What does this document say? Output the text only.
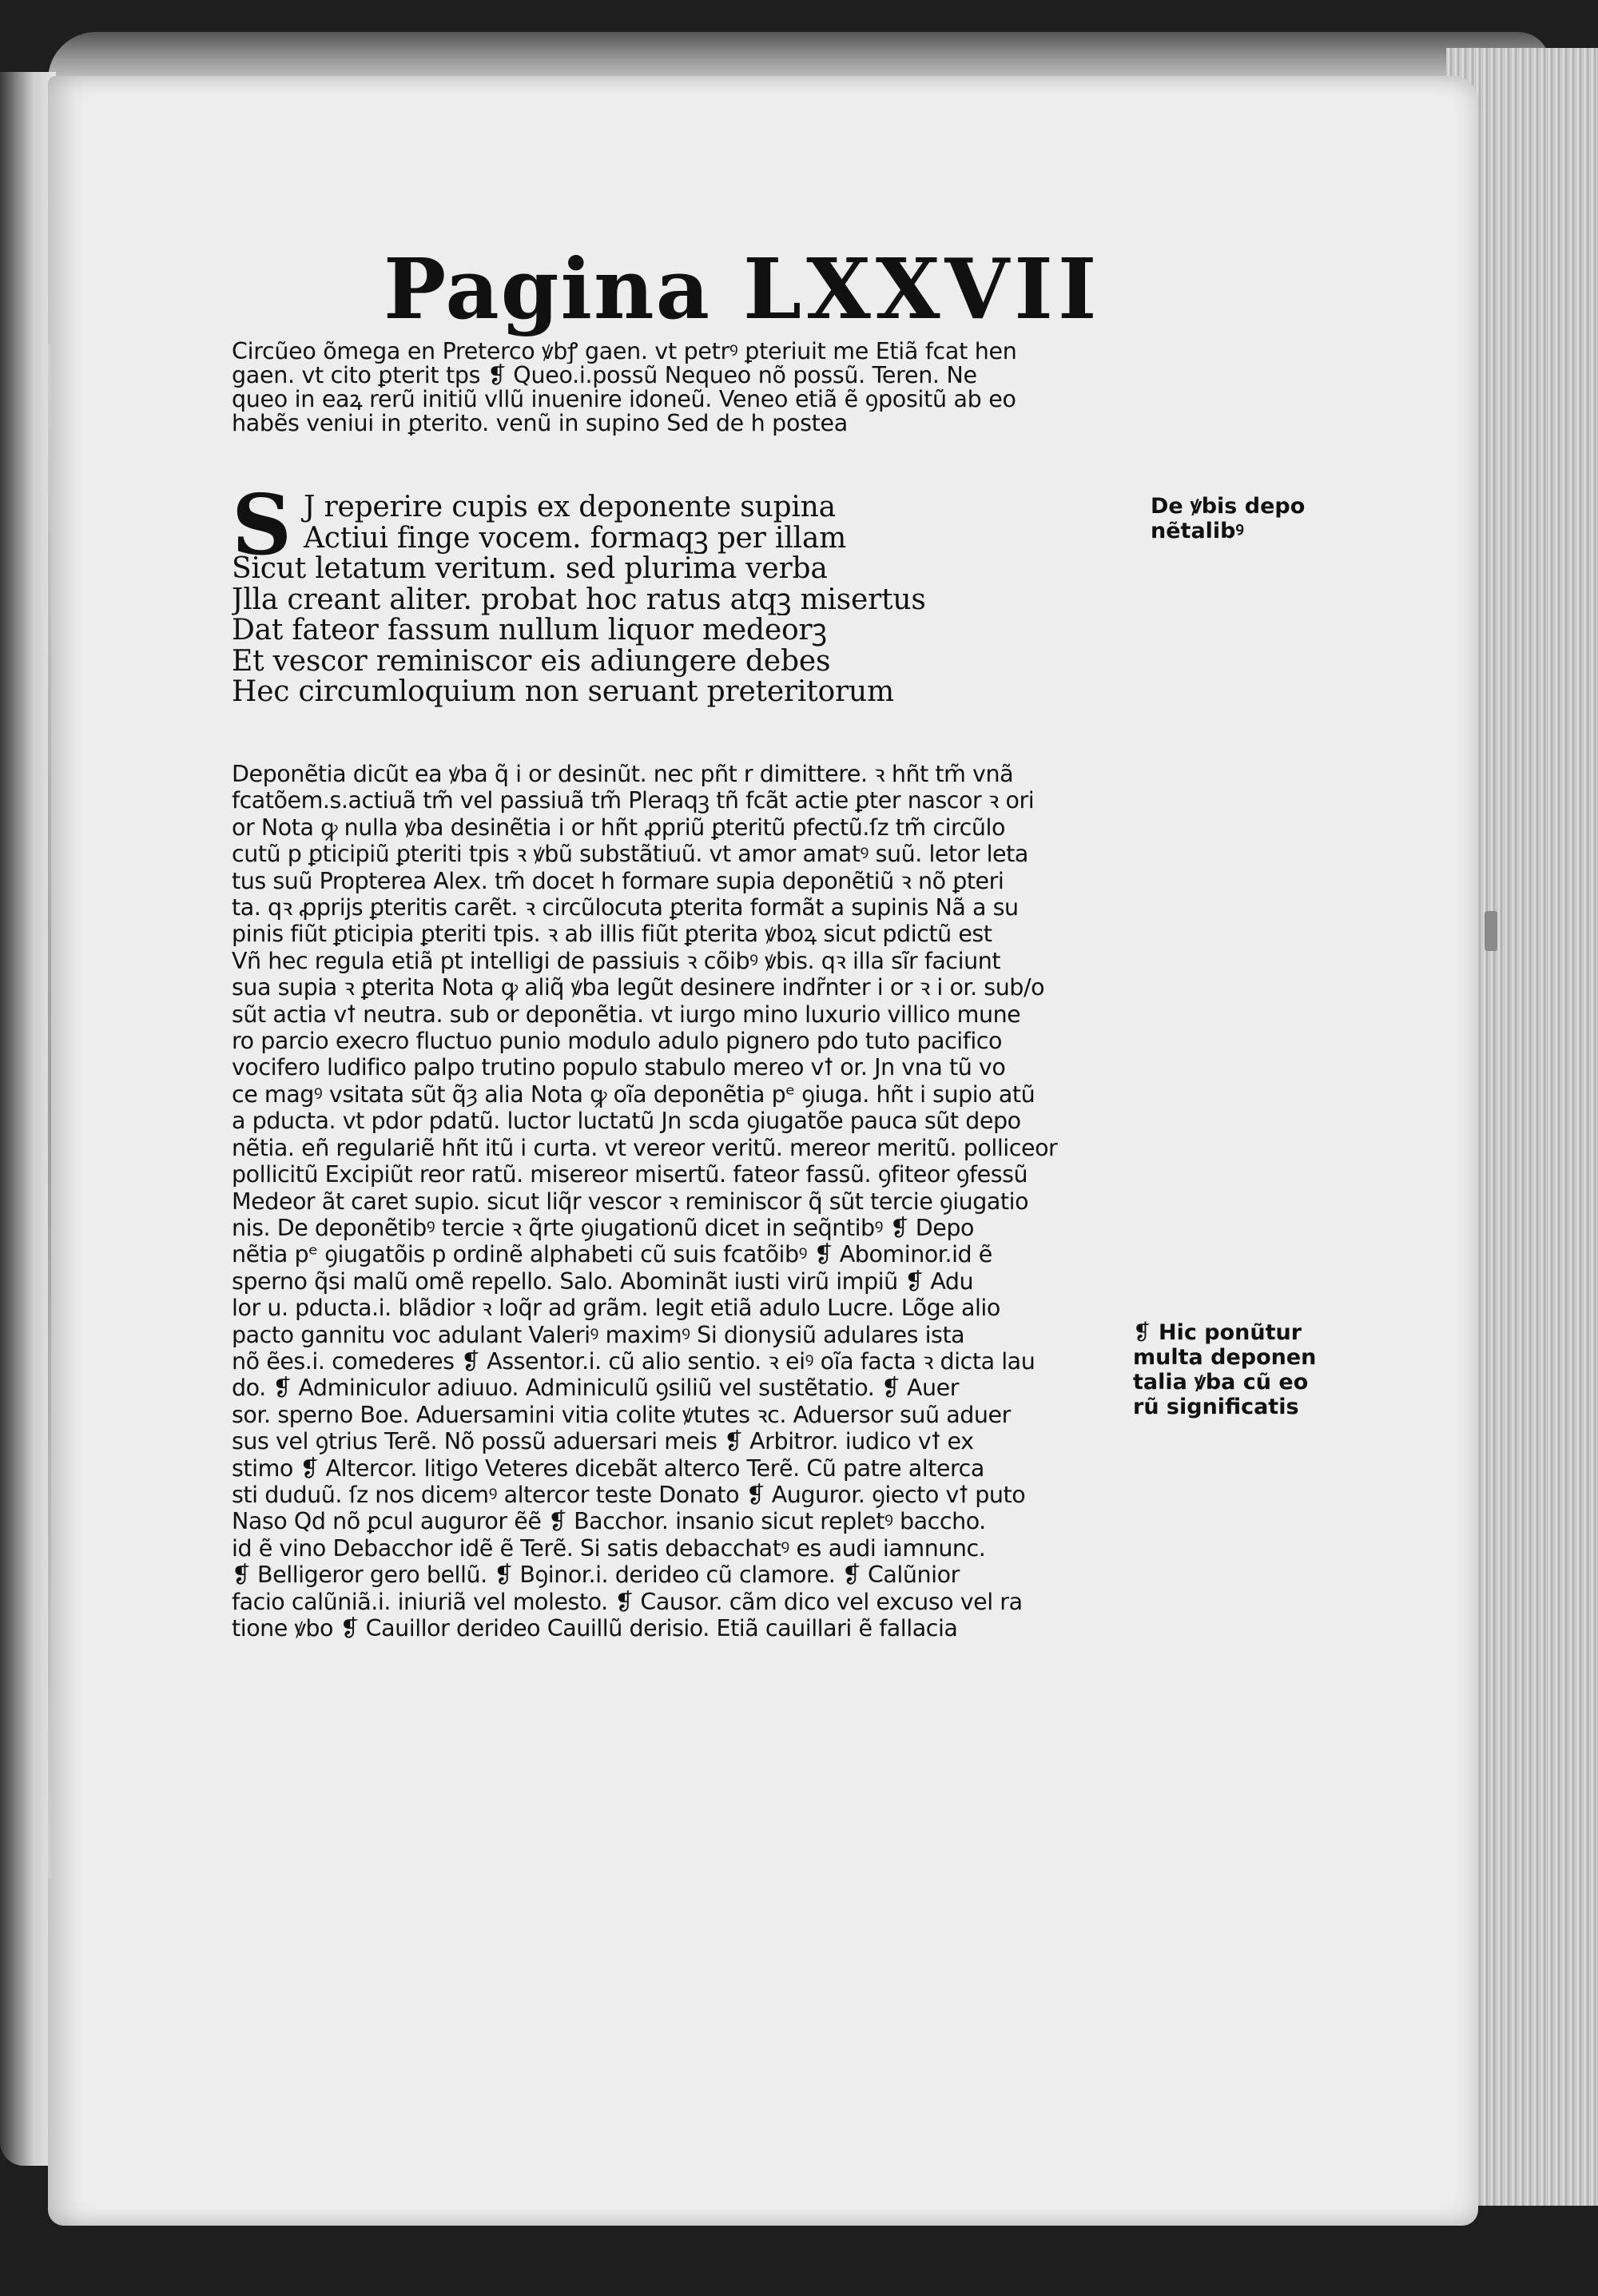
Pagina LXXVII

Circũeo õmega en Preterco ꝟbꝭ gaen. vt petrꝰ ꝑteriuit me Etiã fcat hen
gaen. vt cito ꝑterit tps ❡ Queo.i.possũ Nequeo nõ possũ. Teren. Ne
queo in eaꝝ rerũ initiũ vllũ inuenire idoneũ. Veneo etiã ẽ ꝯpositũ ab eo
habẽs veniui in ꝑterito. venũ in supino Sed de h postea

S J reperire cupis ex deponente supina
Actiui finge vocem. formaqꝫ per illam
Sicut letatum veritum. sed plurima verba
Jlla creant aliter. probat hoc ratus atqꝫ misertus
Dat fateor fassum nullum liquor medeorꝫ
Et vescor reminiscor eis adiungere debes
Hec circumloquium non seruant preteritorum

Deponẽtia dicũt ea ꝟba q̃ i or desinũt. nec pñt r dimittere. ꝛ hñt tm̃ vnã
fcatõem.s.actiuã tm̃ vel passiuã tm̃ Pleraqꝫ tñ fcãt actie ꝑter nascor ꝛ ori
or Nota ꝙ nulla ꝟba desinẽtia i or hñt ꝓpriũ ꝑteritũ pfectũ.ſz tm̃ circũlo
cutũ p ꝑticipiũ ꝑteriti tpis ꝛ ꝟbũ substãtiuũ. vt amor amatꝰ suũ. letor leta
tus suũ Propterea Alex. tm̃ docet h formare supia deponẽtiũ ꝛ nõ ꝑteri
ta. qꝛ ꝓprijs ꝑteritis carẽt. ꝛ circũlocuta ꝑterita formãt a supinis Nã a su
pinis fiũt ꝑticipia ꝑteriti tpis. ꝛ ab illis fiũt ꝑterita ꝟboꝝ sicut pdictũ est
Vñ hec regula etiã pt intelligi de passiuis ꝛ cõibꝰ ꝟbis. qꝛ illa sĩr faciunt
sua supia ꝛ ꝑterita Nota ꝙ aliq̃ ꝟba legũt desinere indr̃nter i or ꝛ i or. sub/o
sũt actia vꝉ neutra. sub or deponẽtia. vt iurgo mino luxurio villico mune
ro parcio execro fluctuo punio modulo adulo pignero pdo tuto pacifico
vocifero ludifico palpo trutino populo stabulo mereo vꝉ or. Jn vna tũ vo
ce magꝰ vsitata sũt q̃ȝ alia Nota ꝙ oĩa deponẽtia pᵉ ꝯiuga. hñt i supio atũ
a pducta. vt pdor pdatũ. luctor luctatũ Jn scda ꝯiugatõe pauca sũt depo
nẽtia. eñ regulariẽ hñt itũ i curta. vt vereor veritũ. mereor meritũ. polliceor
pollicitũ Excipiũt reor ratũ. misereor misertũ. fateor fassũ. ꝯfiteor ꝯfessũ
Medeor ãt caret supio. sicut liq̃r vescor ꝛ reminiscor q̃ sũt tercie ꝯiugatio
nis. De deponẽtibꝰ tercie ꝛ q̃rte ꝯiugationũ dicet in seq̃ntibꝰ ❡ Depo
nẽtia pᵉ ꝯiugatõis p ordinẽ alphabeti cũ suis fcatõibꝰ ❡ Abominor.id ẽ
sperno q̃si malũ omẽ repello. Salo. Abominãt iusti virũ impiũ ❡ Adu
lor u. pducta.i. blãdior ꝛ loq̃r ad grãm. legit etiã adulo Lucre. Lõge alio
pacto gannitu voc adulant Valeriꝰ maximꝰ Si dionysiũ adulares ista
nõ ẽes.i. comederes ❡ Assentor.i. cũ alio sentio. ꝛ eiꝰ oĩa facta ꝛ dicta lau
do. ❡ Adminiculor adiuuo. Adminiculũ ꝯsiliũ vel sustẽtatio. ❡ Auer
sor. sperno Boe. Aduersamini vitia colite ꝟtutes ꝛc. Aduersor suũ aduer
sus vel ꝯtrius Terẽ. Nõ possũ aduersari meis ❡ Arbitror. iudico vꝉ ex
stimo ❡ Altercor. litigo Veteres dicebãt alterco Terẽ. Cũ patre alterca
sti duduũ. ſz nos dicemꝰ altercor teste Donato ❡ Auguror. ꝯiecto vꝉ puto
Naso Qd nõ ꝑcul auguror ẽẽ ❡ Bacchor. insanio sicut repletꝰ baccho.
id ẽ vino Debacchor idẽ ẽ Terẽ. Si satis debacchatꝰ es audi iamnunc.
❡ Belligeror gero bellũ. ❡ Bꝯinor.i. derideo cũ clamore. ❡ Calũnior
facio calũniã.i. iniuriã vel molesto. ❡ Causor. cãm dico vel excuso vel ra
tione ꝟbo ❡ Cauillor derideo Cauillũ derisio. Etiã cauillari ẽ fallacia

De ꝟbis depo
nẽtalibꝰ
❡ Hic ponũtur
multa deponen
talia ꝟba cũ eo
rũ significatis
